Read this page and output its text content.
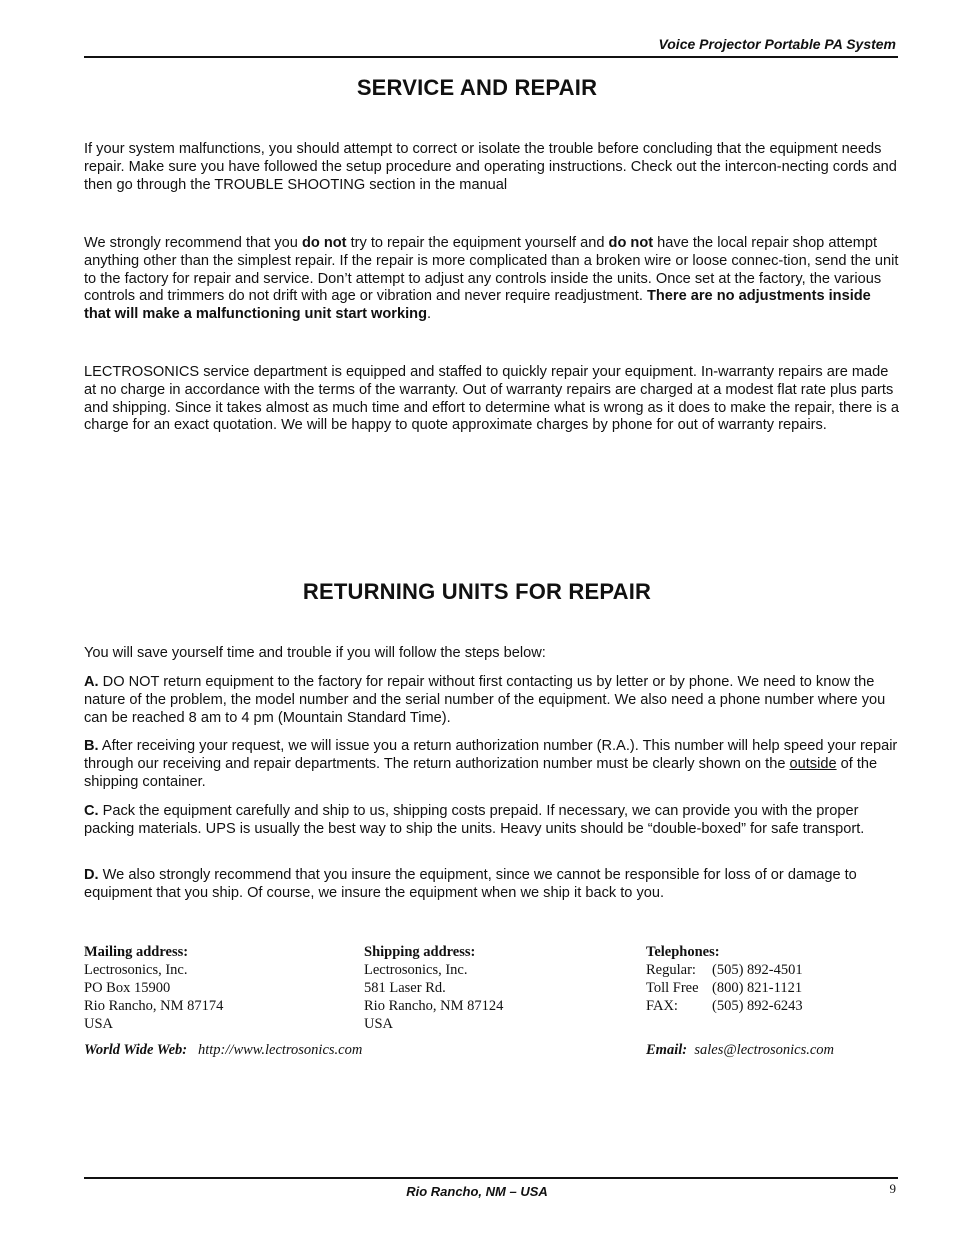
Voice Projector Portable PA System
SERVICE AND REPAIR

If your system malfunctions, you should attempt to correct or isolate the trouble before concluding that the equipment needs repair. Make sure you have followed the setup procedure and operating instructions. Check out the intercon-necting cords and then go through the TROUBLE SHOOTING section in the manual

We strongly recommend that you do not try to repair the equipment yourself and do not have the local repair shop attempt anything other than the simplest repair. If the repair is more complicated than a broken wire or loose connec-tion, send the unit to the factory for repair and service. Don’t attempt to adjust any controls inside the units. Once set at the factory, the various controls and trimmers do not drift with age or vibration and never require readjustment. There are no adjustments inside that will make a malfunctioning unit start working.

LECTROSONICS service department is equipped and staffed to quickly repair your equipment. In-warranty repairs are made at no charge in accordance with the terms of the warranty. Out of warranty repairs are charged at a modest flat rate plus parts and shipping. Since it takes almost as much time and effort to determine what is wrong as it does to make the repair, there is a charge for an exact quotation. We will be happy to quote approximate charges by phone for out of warranty repairs.

RETURNING UNITS FOR REPAIR

You will save yourself time and trouble if you will follow the steps below:

A. DO NOT return equipment to the factory for repair without first contacting us by letter or by phone. We need to know the nature of the problem, the model number and the serial number of the equipment. We also need a phone number where you can be reached 8 am to 4 pm (Mountain Standard Time).

B. After receiving your request, we will issue you a return authorization number (R.A.). This number will help speed your repair through our receiving and repair departments. The return authorization number must be clearly shown on the outside of the shipping container.

C. Pack the equipment carefully and ship to us, shipping costs prepaid. If necessary, we can provide you with the proper packing materials. UPS is usually the best way to ship the units. Heavy units should be “double-boxed” for safe transport.

D. We also strongly recommend that you insure the equipment, since we cannot be responsible for loss of or damage to equipment that you ship. Of course, we insure the equipment when we ship it back to you.

Mailing address:
Lectrosonics, Inc.
PO Box 15900
Rio Rancho, NM 87174
USA
Shipping address:
Lectrosonics, Inc.
581 Laser Rd.
Rio Rancho, NM 87124
USA
Telephones:
Regular:	(505) 892-4501
Toll Free (800) 821-1121
FAX:	(505) 892-6243
World Wide Web: http://www.lectrosonics.com	Email: sales@lectrosonics.com
Rio Rancho, NM – USA	9
